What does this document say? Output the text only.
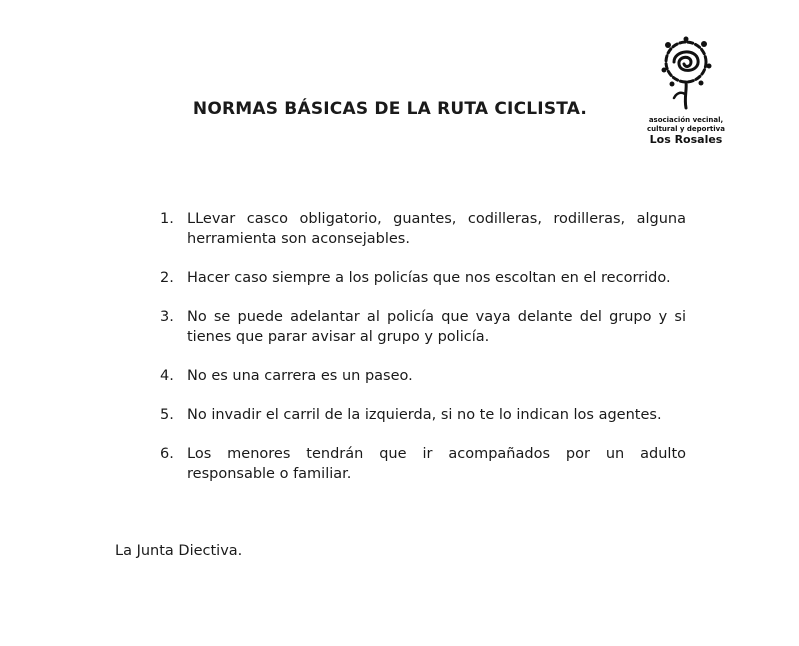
NORMAS BÁSICAS DE LA RUTA CICLISTA.
asociación vecinal,
cultural y deportiva
Los Rosales
1. LLevar casco obligatorio, guantes, codilleras, rodilleras, alguna herramienta son aconsejables.
2. Hacer caso siempre a los policías que nos escoltan en el recorrido.
3. No se puede adelantar al policía que vaya delante del grupo y si tienes que parar avisar al grupo y policía.
4. No es una carrera es un paseo.
5. No invadir el carril de la izquierda, si no te lo indican los agentes.
6. Los menores tendrán que ir acompañados por un adulto responsable o familiar.
La Junta Diectiva.
